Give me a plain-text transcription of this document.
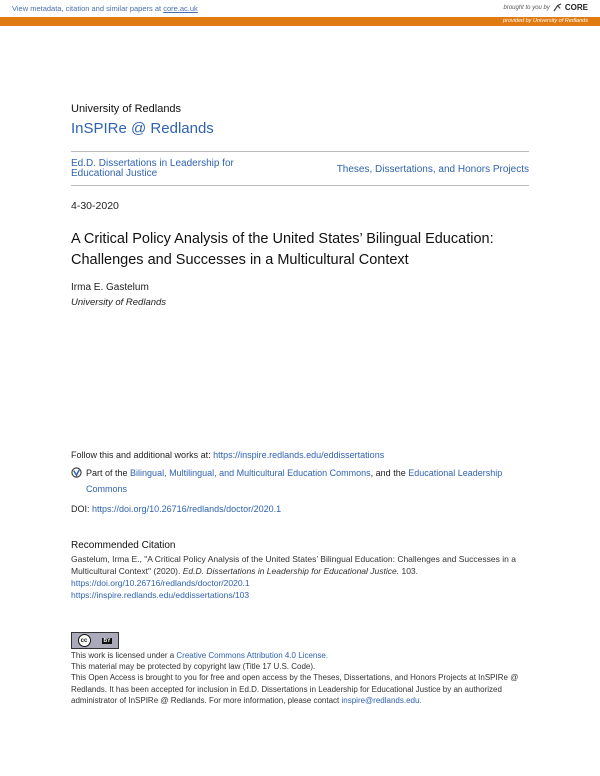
View metadata, citation and similar papers at core.ac.uk	brought to you by CORE
provided by University of Redlands
University of Redlands
InSPIRe @ Redlands
Ed.D. Dissertations in Leadership for Educational Justice	Theses, Dissertations, and Honors Projects
4-30-2020
A Critical Policy Analysis of the United States’ Bilingual Education: Challenges and Successes in a Multicultural Context
Irma E. Gastelum
University of Redlands
Follow this and additional works at: https://inspire.redlands.edu/eddissertations
Part of the Bilingual, Multilingual, and Multicultural Education Commons, and the Educational Leadership Commons
DOI: https://doi.org/10.26716/redlands/doctor/2020.1
Recommended Citation
Gastelum, Irma E., "A Critical Policy Analysis of the United States’ Bilingual Education: Challenges and Successes in a Multicultural Context" (2020). Ed.D. Dissertations in Leadership for Educational Justice. 103. https://doi.org/10.26716/redlands/doctor/2020.1
https://inspire.redlands.edu/eddissertations/103
cc	BY
This work is licensed under a Creative Commons Attribution 4.0 License.
This material may be protected by copyright law (Title 17 U.S. Code).
This Open Access is brought to you for free and open access by the Theses, Dissertations, and Honors Projects at InSPIRe @ Redlands. It has been accepted for inclusion in Ed.D. Dissertations in Leadership for Educational Justice by an authorized administrator of InSPIRe @ Redlands. For more information, please contact inspire@redlands.edu.
